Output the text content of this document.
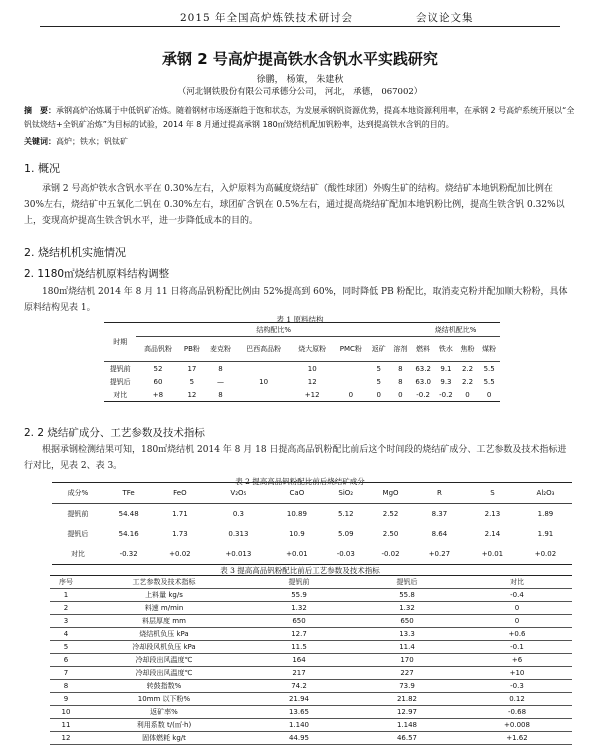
2015 年全国高炉炼铁技术研讨会	会议论文集
承钢 2 号高炉提高铁水含钒水平实践研究
徐鹏， 杨策， 朱建秋
（河北钢铁股份有限公司承德分公司， 河北， 承德， 067002）
摘　要：承钢高炉冶炼属于中低钒矿冶炼。随着钢材市场逐渐趋于饱和状态，为发展承钢钒资源优势，提高本地资源利用率，在承钢 2 号高炉系统开展以“全钒钛烧结+全钒矿冶炼”为目标的试验，2014 年 8 月通过提高承钢 180㎡烧结机配加钒粉率，达到提高铁水含钒的目的。
关键词：高炉；铁水；钒钛矿
1. 概况
承钢 2 号高炉铁水含钒水平在 0.30%左右，入炉原料为高碱度烧结矿（酸性球团）外购生矿的结构。烧结矿本地钒粉配加比例在 30%左右，烧结矿中五氧化二钒在 0.30%左右，球团矿含钒在 0.5%左右，通过提高烧结矿配加本地钒粉比例，提高生铁含钒 0.32%以上，变现高炉提高生铁含钒水平，进一步降低成本的目的。
2. 烧结机机实施情况
2. 1180㎡烧结机原料结构调整
180㎡烧结机 2014 年 8 月 11 日将高品钒粉配比例由 52%提高到 60%，同时降低 PB 粉配比，取消麦克粉并配加顺大粉粉，具体原料结构见表 1。
表 1 原料结构
时期	结构配比%								烧结机配比%			
	高品钒粉	PB粉	麦克粉	巴西高品粉	烧大原粉	PMC粉	返矿	溶剂	燃料	铁水	焦粉	煤粉
提钒前	52	17	8		10		5	8	63.2	9.1	2.2	5.5
提钒后	60	5	—	10	12		5	8	63.0	9.3	2.2	5.5
对比	+8	12	8		+12	0	0	0	-0.2	-0.2	0	0
2. 2 烧结矿成分、工艺参数及技术指标
根据承钢检测结果可知，180㎡烧结机 2014 年 8 月 18 日提高高品钒粉配比前后这个时间段的烧结矿成分、工艺参数及技术指标进行对比，见表 2、表 3。
表 2 提高高品钒粉配比前后烧结矿成分
成分%	TFe	FeO	V₂O₅	CaO	SiO₂	MgO	R	S	Al₂O₃
提钒前	54.48	1.71	0.3	10.89	5.12	2.52	8.37	2.13	1.89
提钒后	54.16	1.73	0.313	10.9	5.09	2.50	8.64	2.14	1.91
对比	-0.32	+0.02	+0.013	+0.01	-0.03	-0.02	+0.27	+0.01	+0.02
表 3 提高高品钒粉配比前后工艺参数及技术指标
序号	工艺参数及技术指标	提钒前	提钒后	对比
1	上料量 kg/s	55.9	55.8	-0.4
2	料速 m/min	1.32	1.32	0
3	料层厚度 mm	650	650	0
4	烧结机负压 kPa	12.7	13.3	+0.6
5	冷却段风机负压 kPa	11.5	11.4	-0.1
6	冷却段出风温度℃	164	170	+6
7	冷却段出风温度℃	217	227	+10
8	转鼓指数%	74.2	73.9	-0.3
9	10mm 以下粉%	21.94	21.82	0.12
10	返矿率%	13.65	12.97	-0.68
11	利用系数 t/(㎡·h)	1.140	1.148	+0.008
12	固体燃耗 kg/t	44.95	46.57	+1.62
